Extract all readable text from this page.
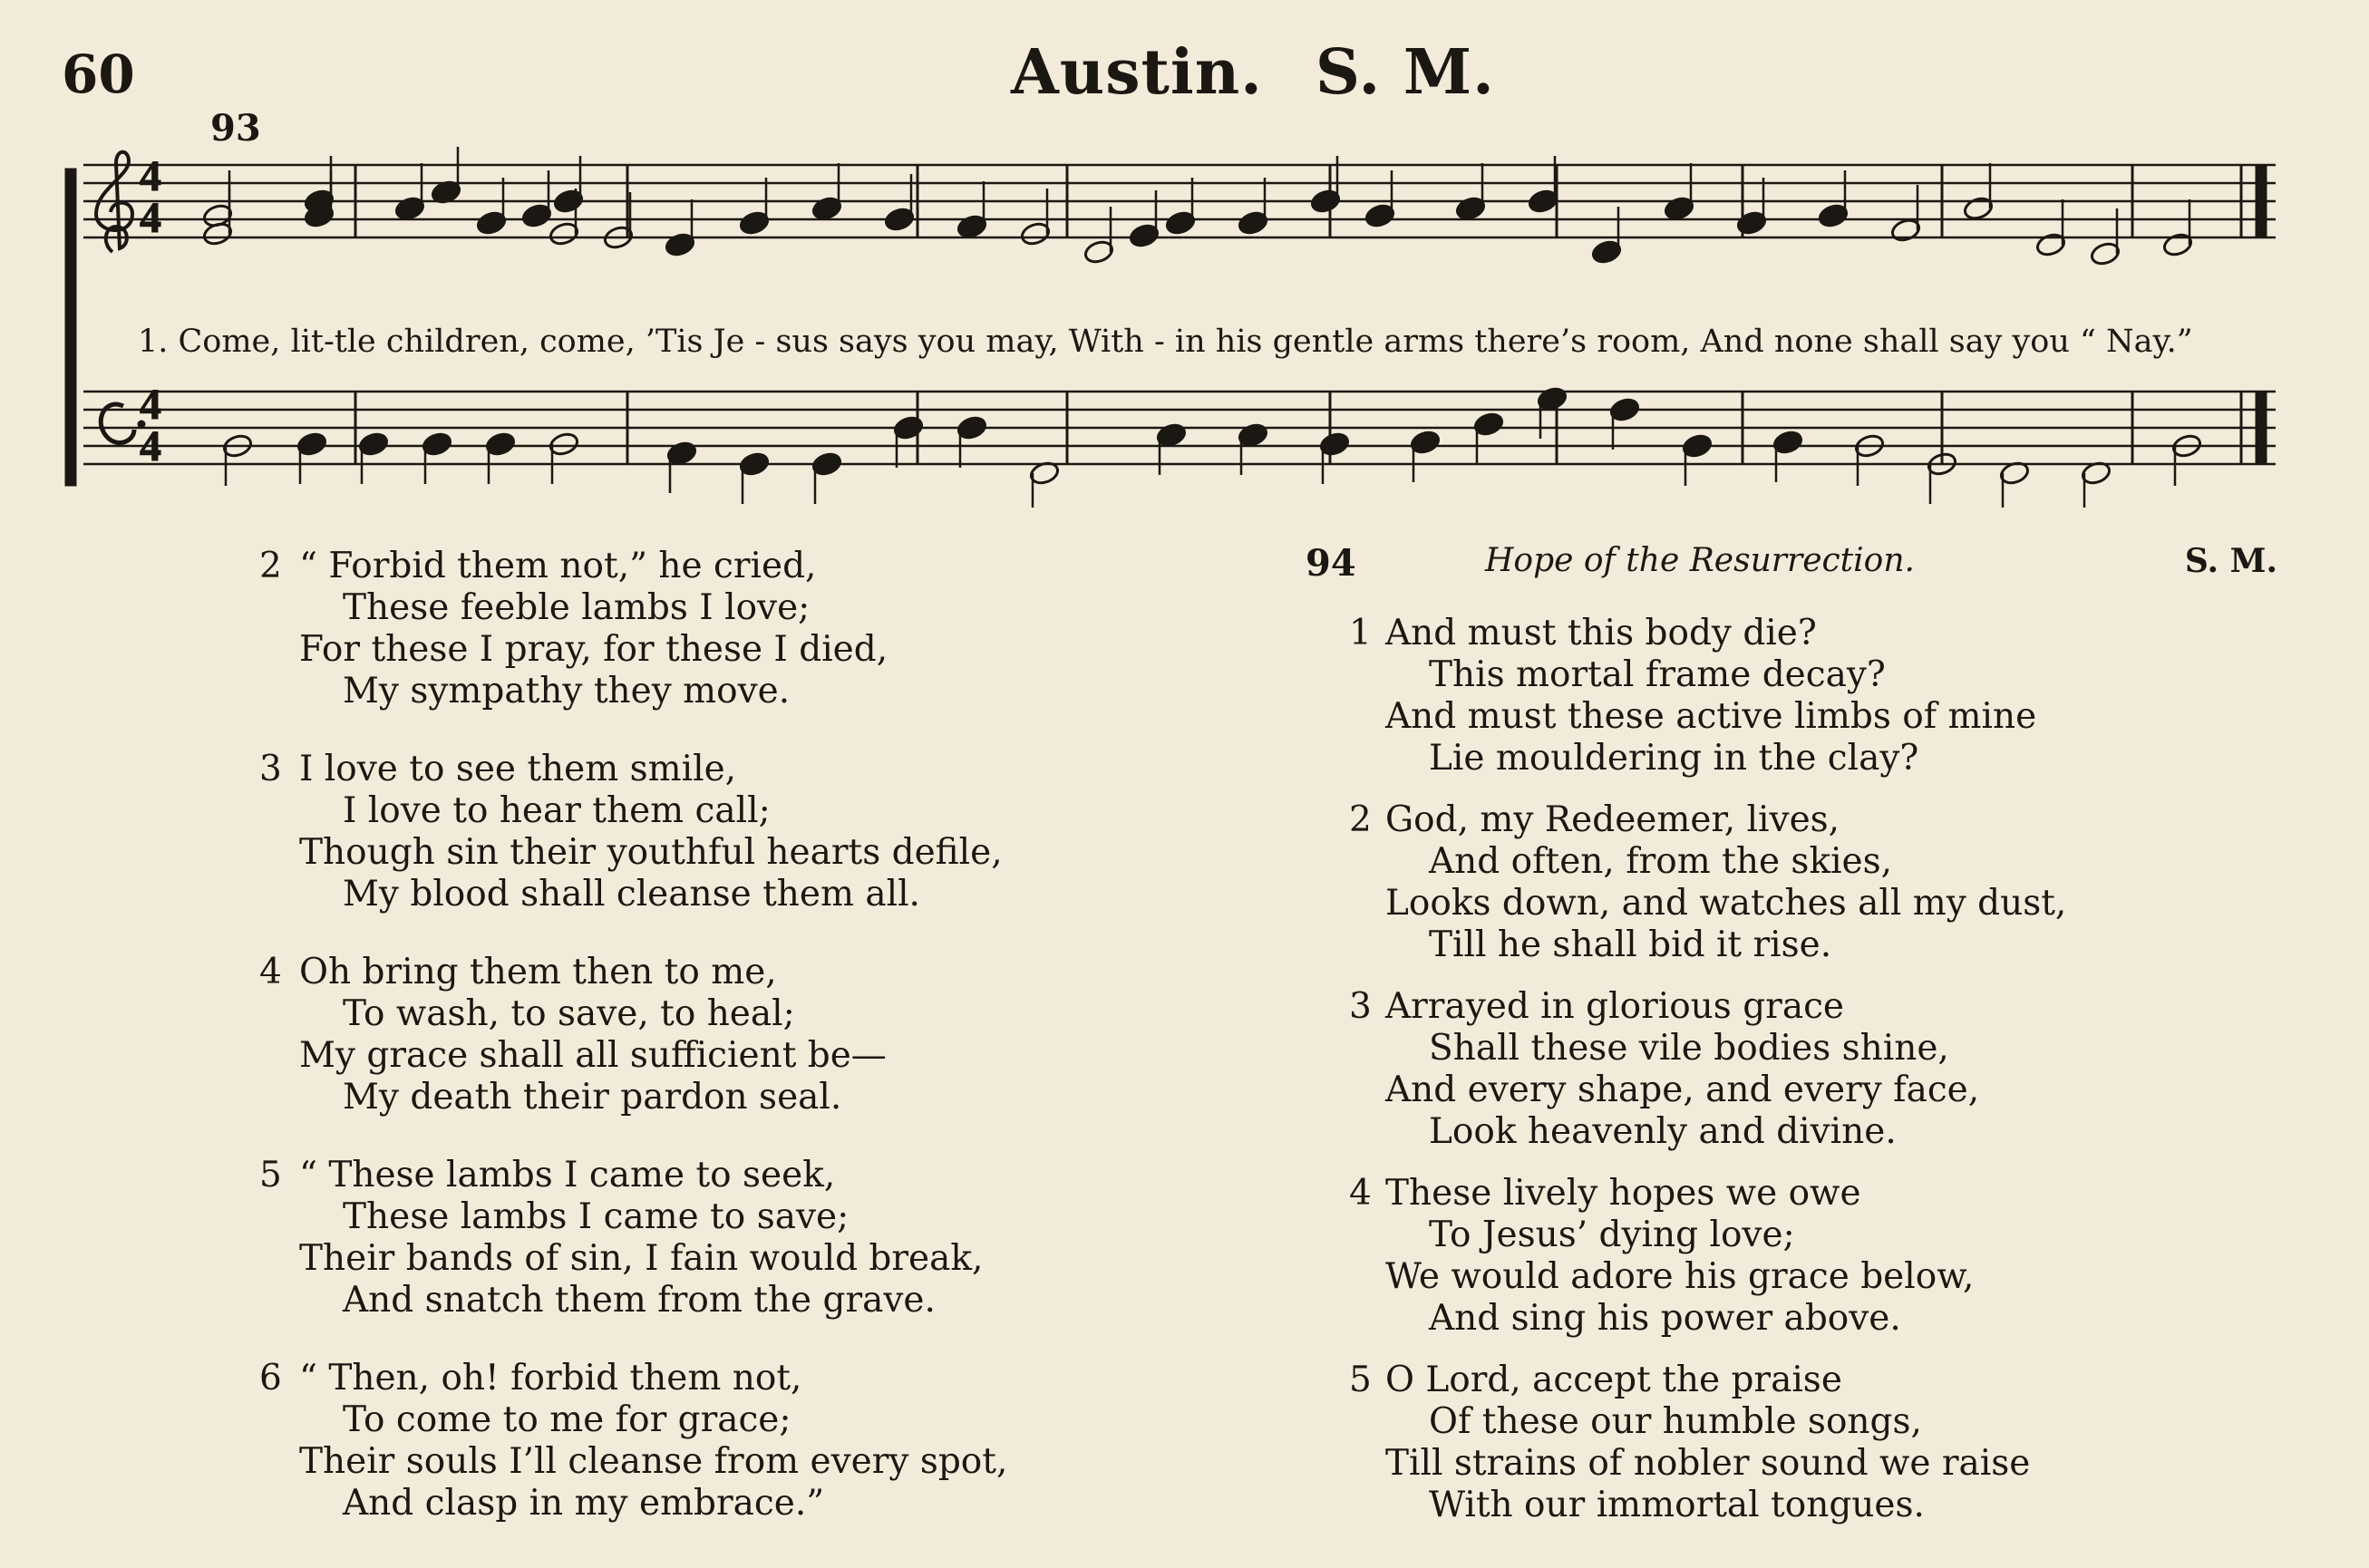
60	Austin. S. M.
93
4
4
4
4
1. Come, lit-tle children, come, ’Tis Je - sus says you may, With - in his gentle arms there’s room, And none shall say you “ Nay.”
2 “ Forbid them not,” he cried,
These feeble lambs I love;
For these I pray, for these I died,
My sympathy they move.
3 I love to see them smile,
I love to hear them call;
Though sin their youthful hearts defile,
My blood shall cleanse them all.
4 Oh bring them then to me,
To wash, to save, to heal;
My grace shall all sufficient be—
My death their pardon seal.
5 “ These lambs I came to seek,
These lambs I came to save;
Their bands of sin, I fain would break,
And snatch them from the grave.
6 “ Then, oh! forbid them not,
To come to me for grace;
Their souls I’ll cleanse from every spot,
And clasp in my embrace.”
94	Hope of the Resurrection.	S. M.
1 And must this body die?
This mortal frame decay?
And must these active limbs of mine
Lie mouldering in the clay?
2 God, my Redeemer, lives,
And often, from the skies,
Looks down, and watches all my dust,
Till he shall bid it rise.
3 Arrayed in glorious grace
Shall these vile bodies shine,
And every shape, and every face,
Look heavenly and divine.
4 These lively hopes we owe
To Jesus’ dying love;
We would adore his grace below,
And sing his power above.
5 O Lord, accept the praise
Of these our humble songs,
Till strains of nobler sound we raise
With our immortal tongues.
